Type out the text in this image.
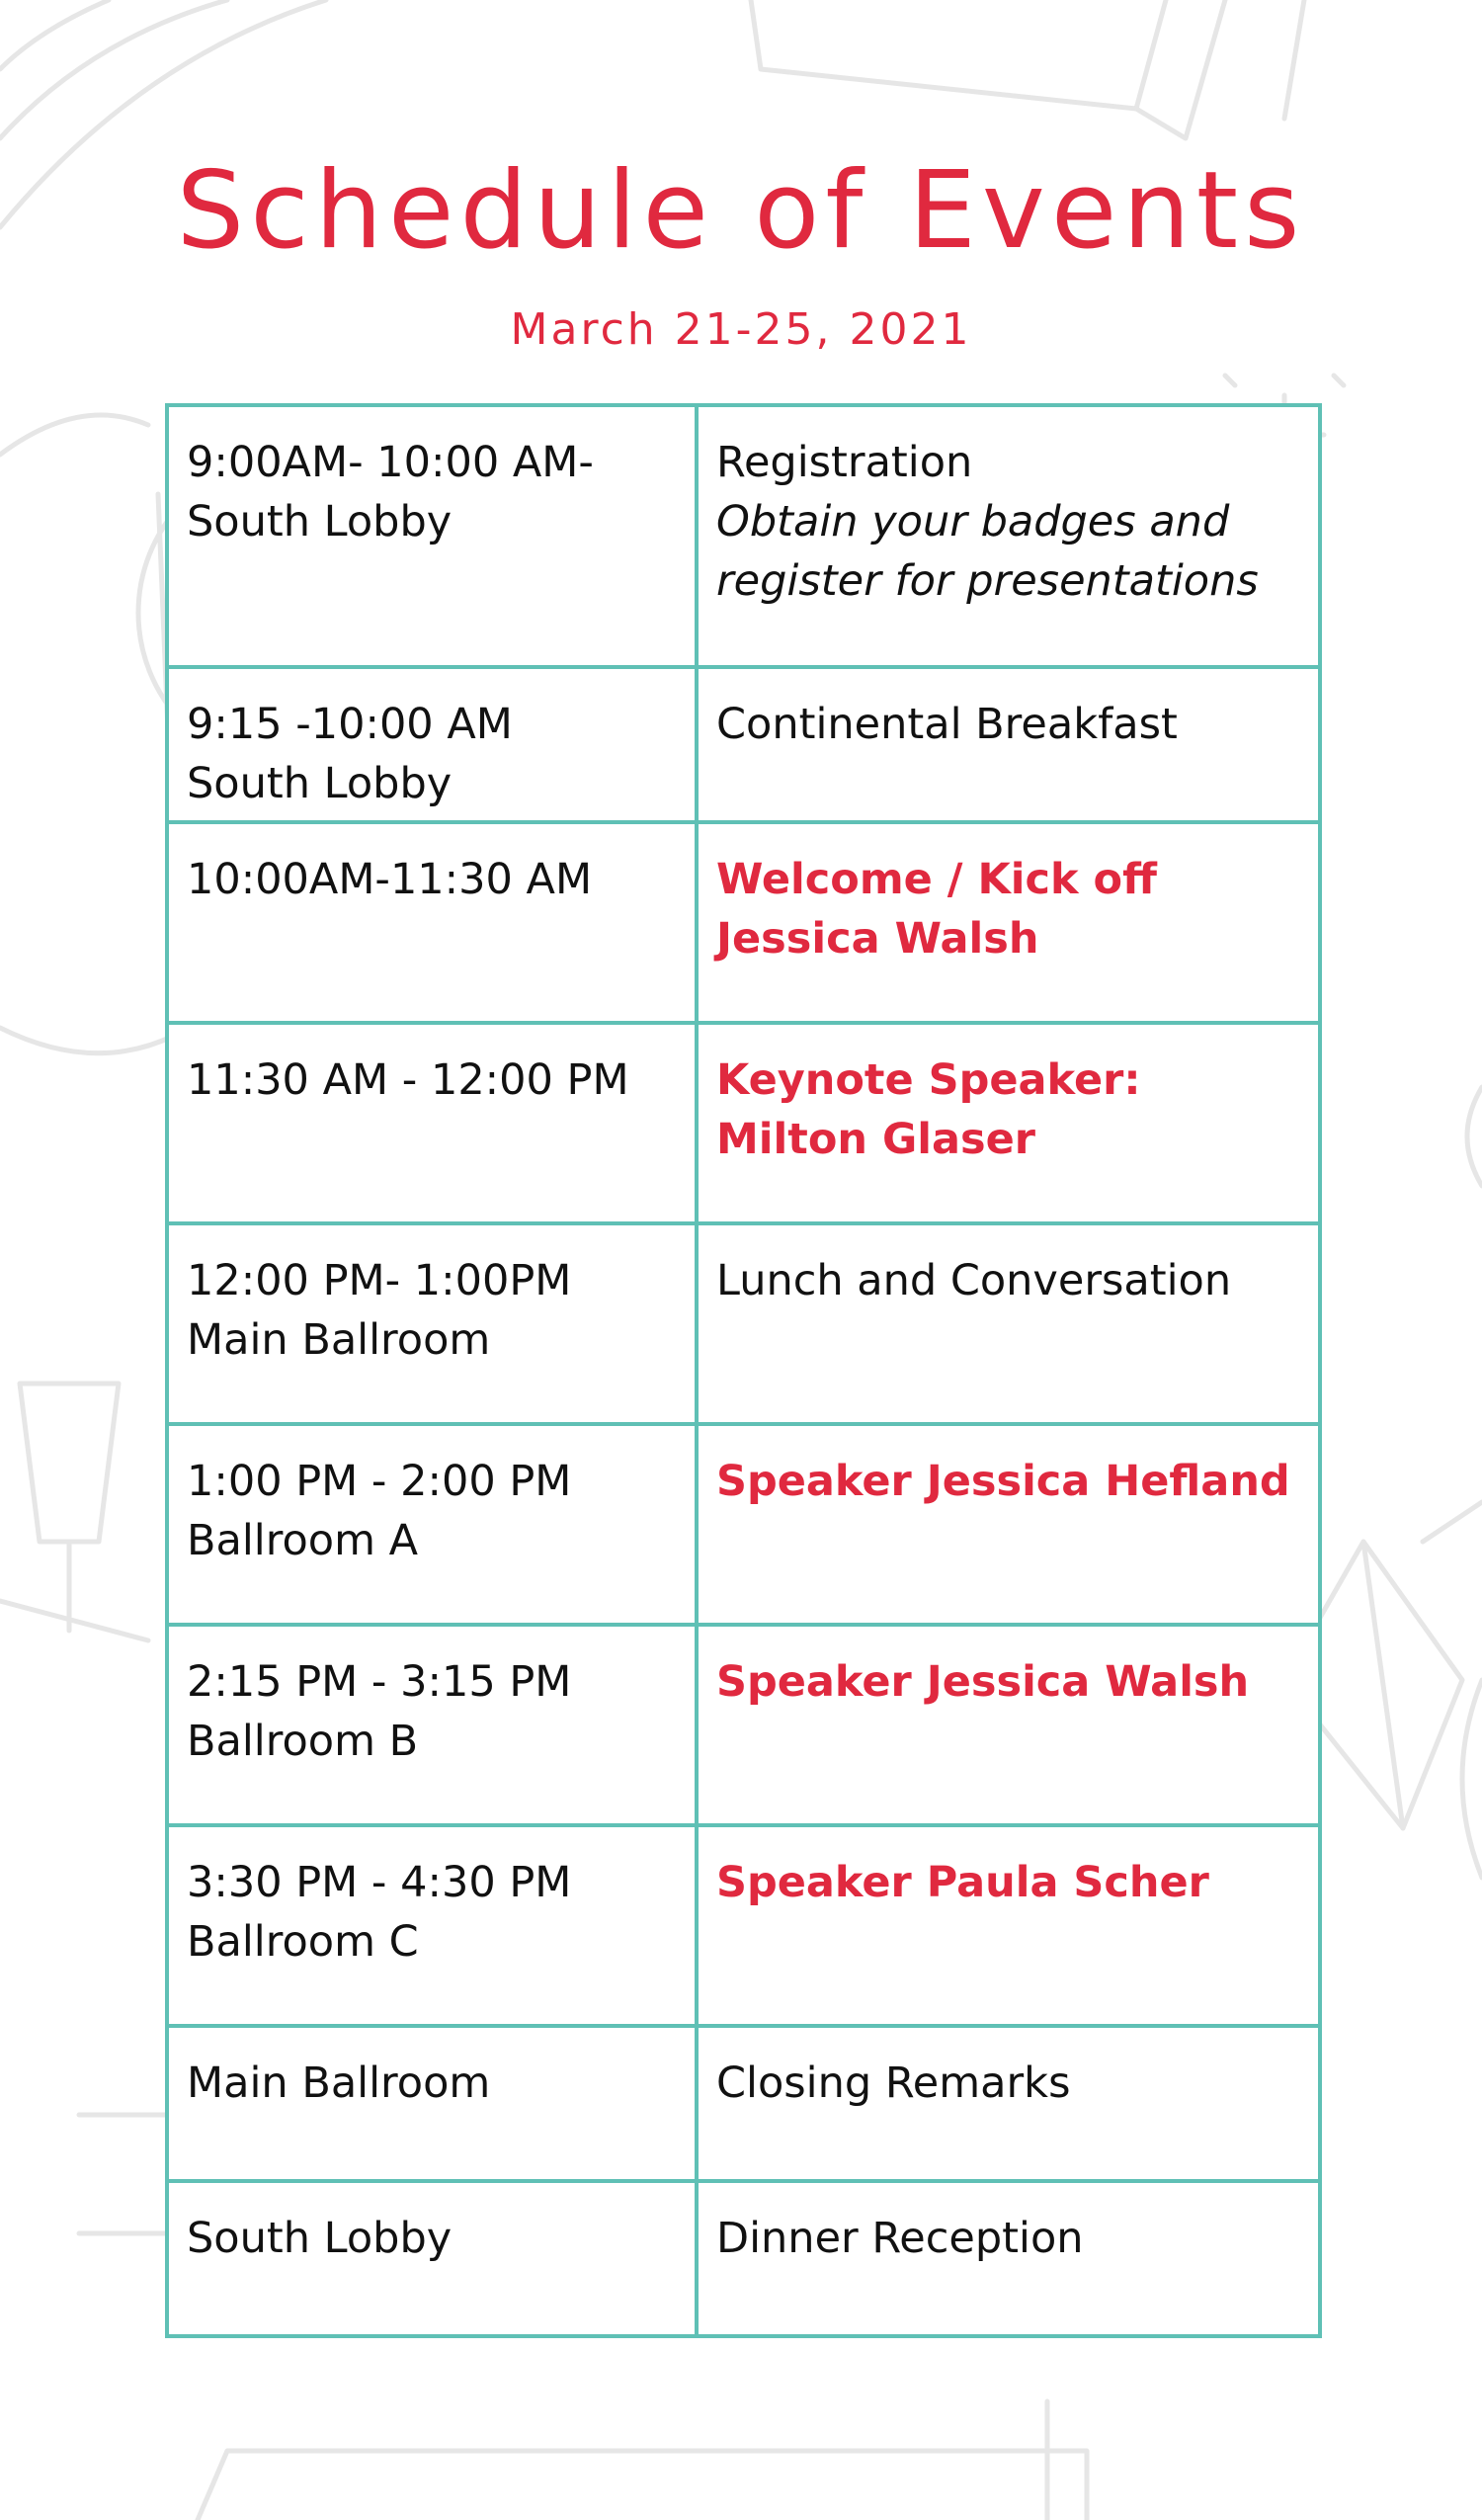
Schedule of Events
March 21-25, 2021
9:00AM- 10:00 AM-
South Lobby	Registration
Obtain your badges and
register for presentations

9:15 -10:00 AM
South Lobby	Continental Breakfast

10:00AM-11:30 AM	Welcome / Kick off
Jessica Walsh

11:30 AM - 12:00 PM	Keynote Speaker:
Milton Glaser

12:00 PM- 1:00PM
Main Ballroom	Lunch and Conversation

1:00 PM - 2:00 PM
Ballroom A	Speaker Jessica Hefland

2:15 PM - 3:15 PM
Ballroom B	Speaker Jessica Walsh

3:30 PM - 4:30 PM
Ballroom C	Speaker Paula Scher

Main Ballroom	Closing Remarks

South Lobby	Dinner Reception
